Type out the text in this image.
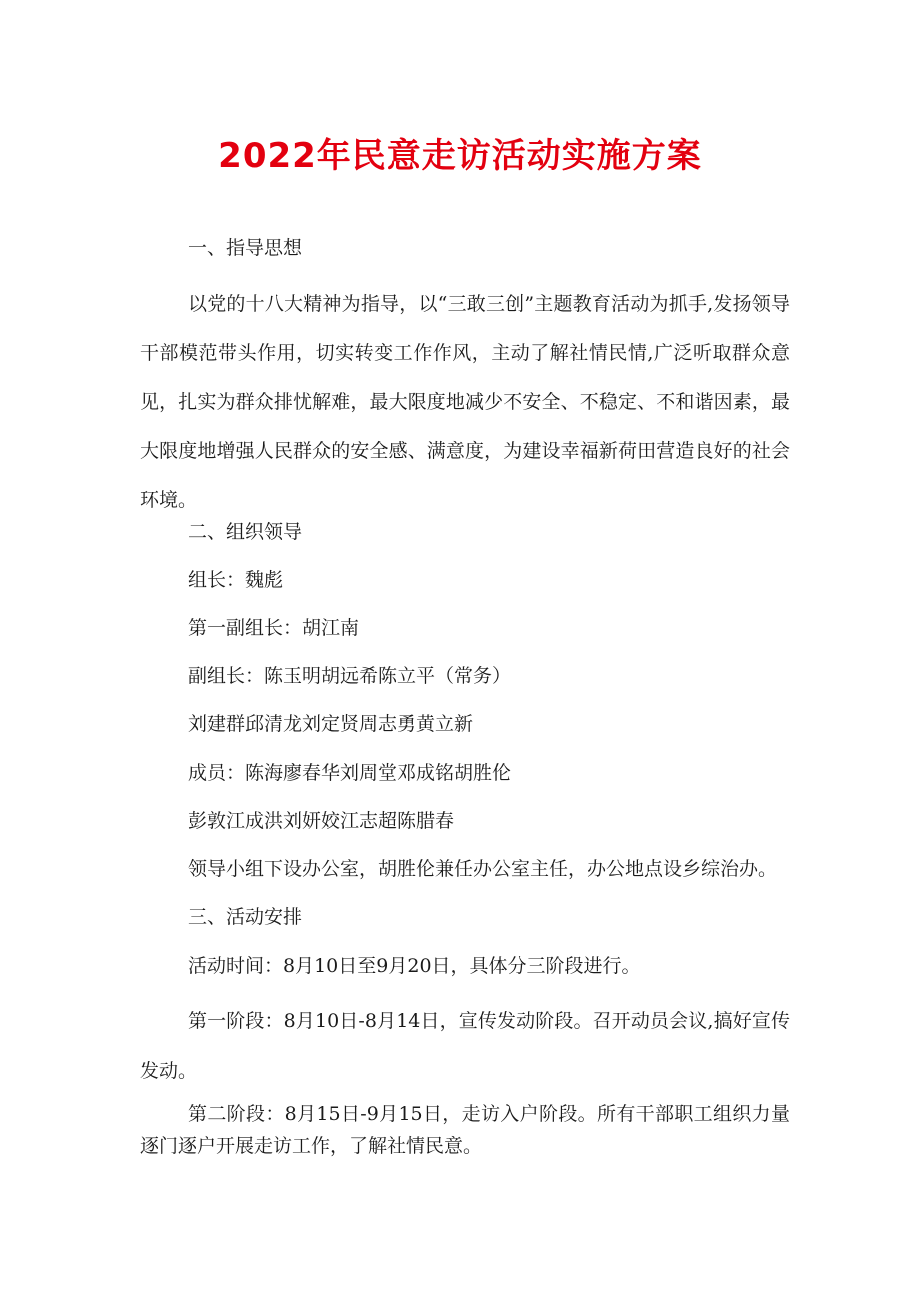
2022年民意走访活动实施方案

一、指导思想

以党的十八大精神为指导，以“三敢三创”主题教育活动为抓手,发扬领导干部模范带头作用，切实转变工作作风，主动了解社情民情,广泛听取群众意见，扎实为群众排忧解难，最大限度地减少不安全、不稳定、不和谐因素，最大限度地增强人民群众的安全感、满意度，为建设幸福新荷田营造良好的社会环境。

二、组织领导

组长：魏彪

第一副组长：胡江南

副组长：陈玉明胡远希陈立平（常务）

刘建群邱清龙刘定贤周志勇黄立新

成员：陈海廖春华刘周堂邓成铭胡胜伦

彭敦江成洪刘妍姣江志超陈腊春

领导小组下设办公室，胡胜伦兼任办公室主任，办公地点设乡综治办。

三、活动安排

活动时间：8月10日至9月20日，具体分三阶段进行。

第一阶段：8月10日-8月14日，宣传发动阶段。召开动员会议,搞好宣传发动。

第二阶段：8月15日-9月15日，走访入户阶段。所有干部职工组织力量逐门逐户开展走访工作，了解社情民意。
